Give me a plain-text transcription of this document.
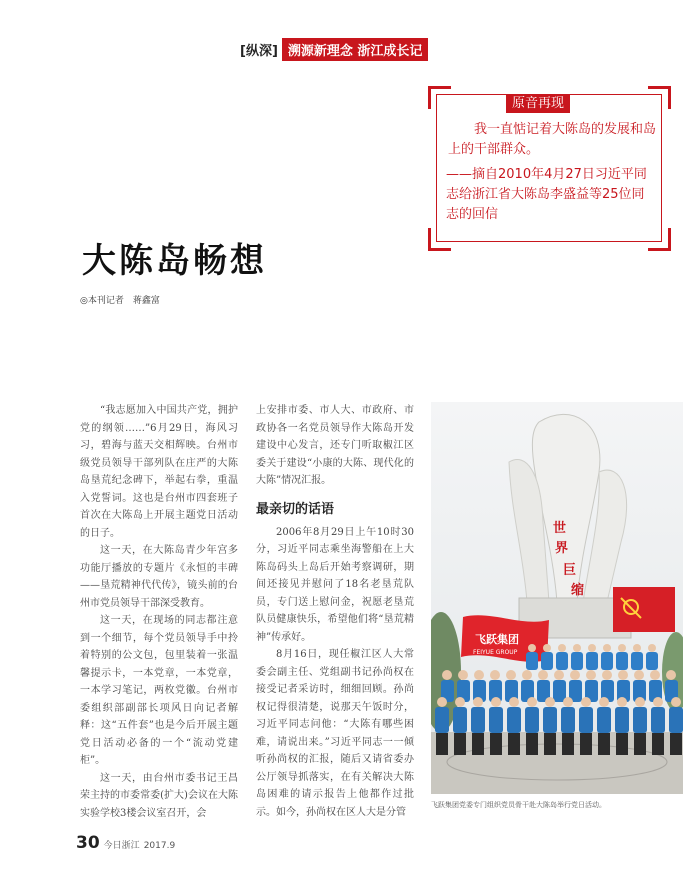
[纵深] 溯源新理念 浙江成长记
原音再现
我一直惦记着大陈岛的发展和岛上的干部群众。
——摘自2010年4月27日习近平同志给浙江省大陈岛李盛益等25位同志的回信
大陈岛畅想
◎本刊记者　蒋鑫富

“我志愿加入中国共产党，拥护党的纲领……”6月29日，海风习习，碧海与蓝天交相辉映。台州市级党员领导干部列队在庄严的大陈岛垦荒纪念碑下，举起右拳，重温入党誓词。这也是台州市四套班子首次在大陈岛上开展主题党日活动的日子。

这一天，在大陈岛青少年宫多功能厅播放的专题片《永恒的丰碑——垦荒精神代代传》，镜头前的台州市党员领导干部深受教育。

这一天，在现场的同志都注意到一个细节，每个党员领导手中拎着特别的公文包，包里装着一张温馨提示卡，一本党章，一本党章，一本学习笔记，两枚党徽。台州市委组织部副部长项风日向记者解释：这“五件套”也是今后开展主题党日活动必备的一个“流动党建柜”。

这一天，由台州市委书记王昌荣主持的市委常委(扩大)会议在大陈实验学校3楼会议室召开，会

上安排市委、市人大、市政府、市政协各一名党员领导作大陈岛开发建设中心发言，还专门听取椒江区委关于建设“小康的大陈、现代化的大陈”情况汇报。

2006年8月29日上午10时30分，习近平同志乘坐海警船在上大陈岛码头上岛后开始考察调研，期间还接见并慰问了18名老垦荒队员，专门送上慰问金，祝愿老垦荒队员健康快乐，希望他们将“垦荒精神”传承好。

8月16日，现任椒江区人大常委会副主任、党组副书记孙尚权在接受记者采访时，细细回顾。孙尚权记得很清楚，说那天午饭时分，习近平同志问他：“大陈有哪些困难，请说出来。”习近平同志一一倾听孙尚权的汇报，随后又请省委办公厅领导抓落实，在有关解决大陈岛困难的请示报告上他都作过批示。如今，孙尚权在区人大是分管

最亲切的话语
世
界
巨
缩
飞跃集团
FEIYUE GROUP
飞跃集团党委专门组织党员骨干赴大陈岛举行党日活动。
30 今日浙江 2017.9
